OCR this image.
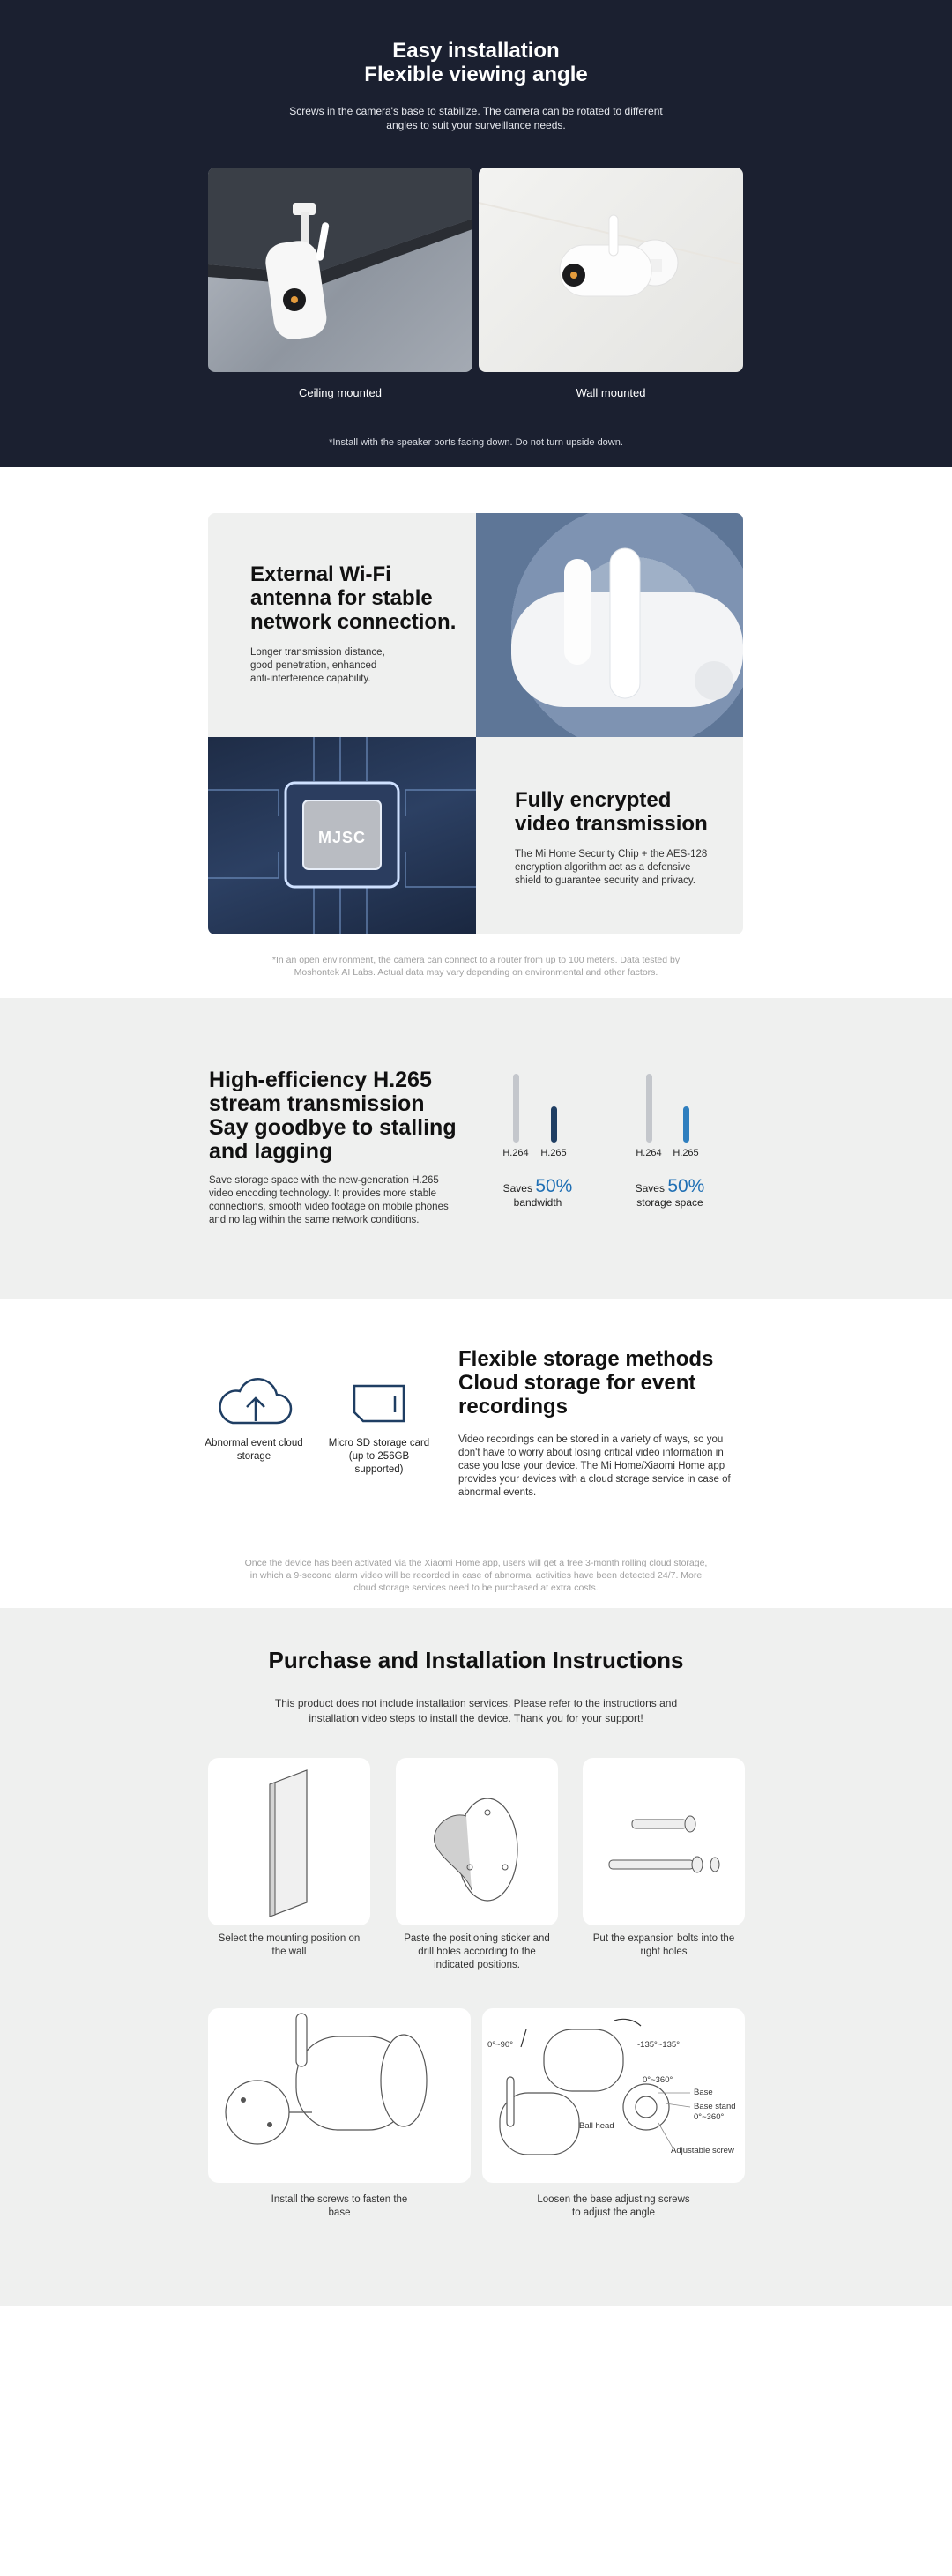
Easy installation
Flexible viewing angle

Screws in the camera's base to stabilize. The camera can be rotated to different
angles to suit your surveillance needs.

Ceiling mounted	Wall mounted

*Install with the speaker ports facing down. Do not turn upside down.

External Wi-Fi
antenna for stable
network connection.

Longer transmission distance,
good penetration, enhanced
anti-interference capability.

MJSC
Fully encrypted
video transmission

The Mi Home Security Chip + the AES-128
encryption algorithm act as a defensive
shield to guarantee security and privacy.

*In an open environment, the camera can connect to a router from up to 100 meters. Data tested by
Moshontek AI Labs. Actual data may vary depending on environmental and other factors.

High-efficiency H.265
stream transmission
Say goodbye to stalling
and lagging

Save storage space with the new-generation H.265
video encoding technology. It provides more stable
connections, smooth video footage on mobile phones
and no lag within the same network conditions.

H.264	H.265
Saves 50%
bandwidth
H.264	H.265
Saves 50%
storage space
Abnormal event cloud
storage
Micro SD storage card
(up to 256GB
supported)
Flexible storage methods
Cloud storage for event
recordings

Video recordings can be stored in a variety of ways, so you
don't have to worry about losing critical video information in
case you lose your device. The Mi Home/Xiaomi Home app
provides your devices with a cloud storage service in case of
abnormal events.

Once the device has been activated via the Xiaomi Home app, users will get a free 3-month rolling cloud storage,
in which a 9-second alarm video will be recorded in case of abnormal activities have been detected 24/7. More
cloud storage services need to be purchased at extra costs.

Purchase and Installation Instructions

This product does not include installation services. Please refer to the instructions and
installation video steps to install the device. Thank you for your support!

Select the mounting position on
the wall

Paste the positioning sticker and
drill holes according to the
indicated positions.

Put the expansion bolts into the
right holes

Install the screws to fasten the
base

0°~90°	-135°~135°
0°~360°
Base
Base stand
0°~360°
Ball head
Adjustable screw

Loosen the base adjusting screws
to adjust the angle
